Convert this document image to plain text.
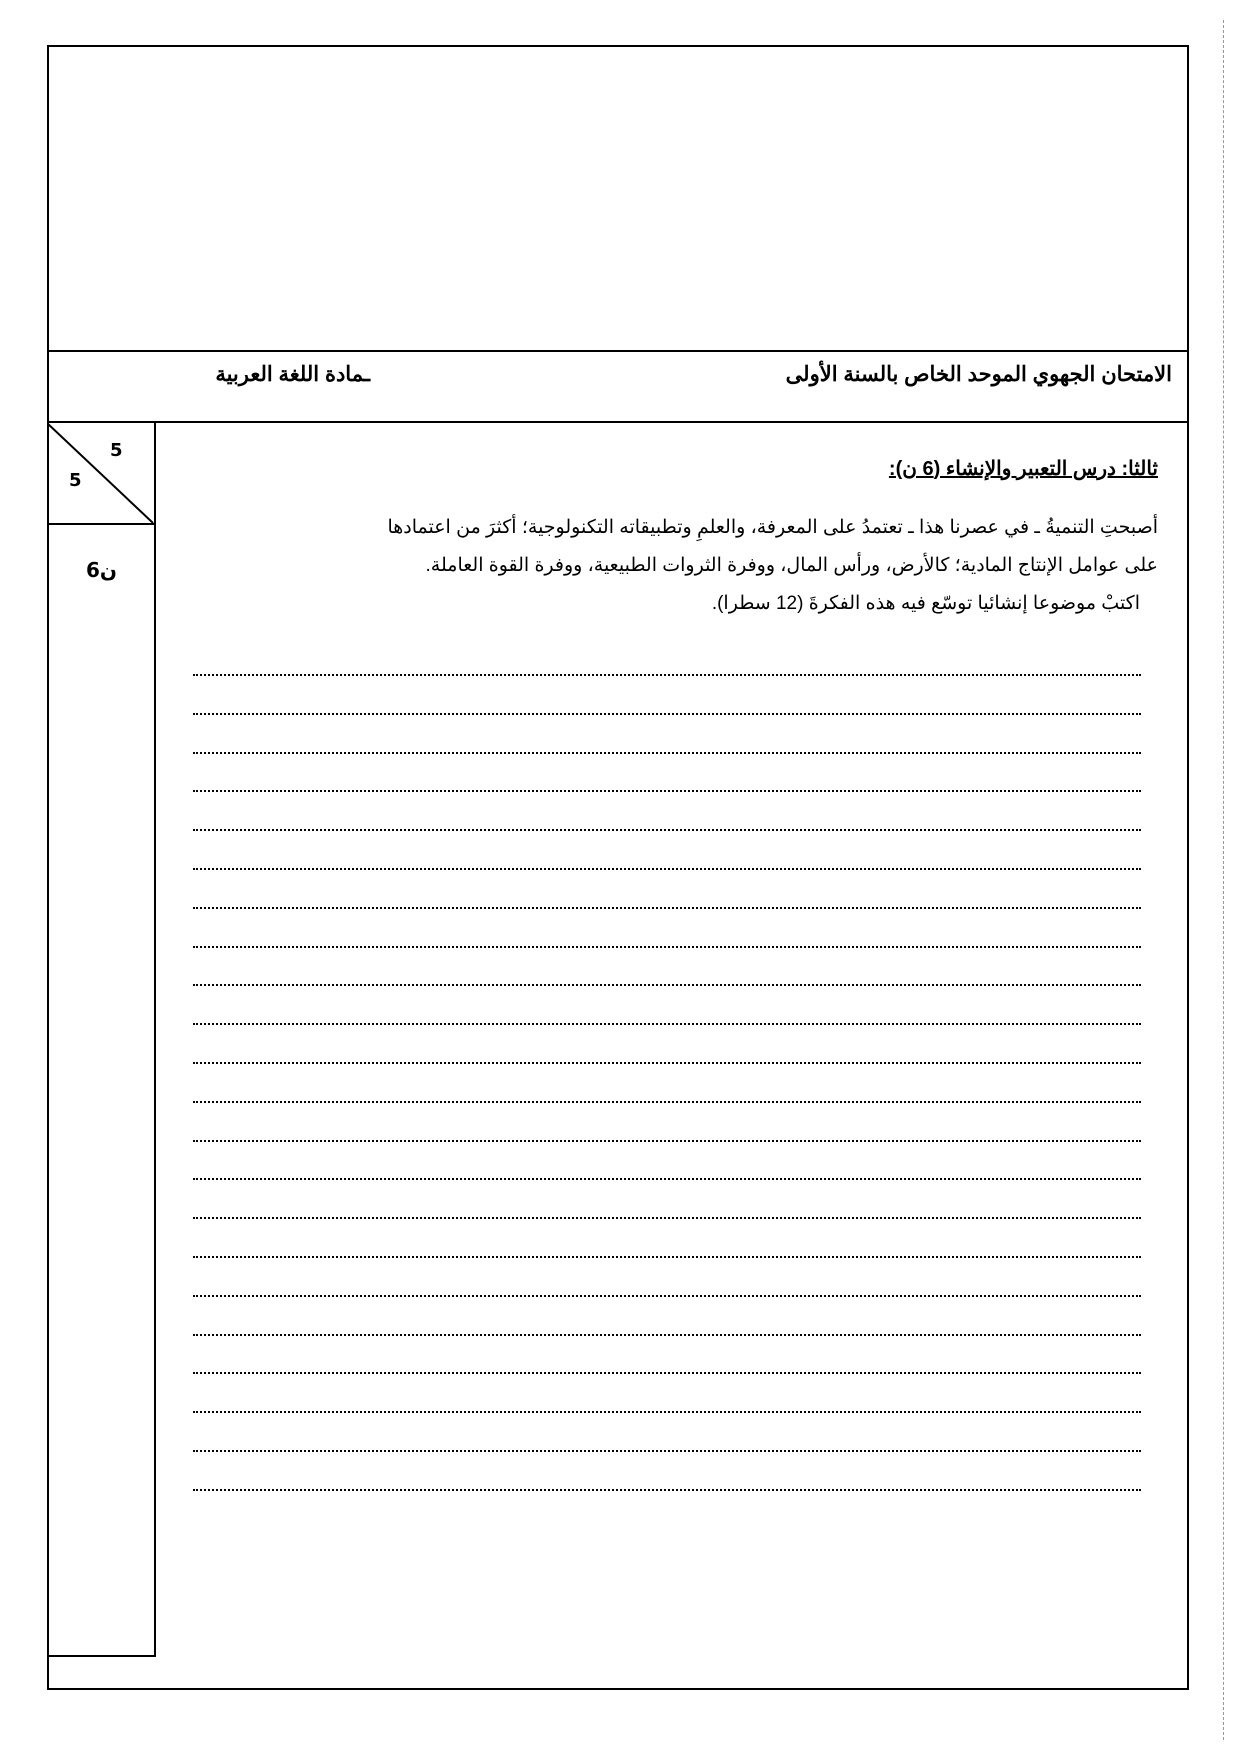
الامتحان الجهوي الموحد الخاص بالسنة الأولى
ـمادة اللغة العربية
5
5
6ن
ثالثا: درس التعبير والإنشاء (6 ن):
أصبحتِ التنميةُ ـ في عصرنا هذا ـ تعتمدُ على المعرفة، والعلمِ وتطبيقاته التكنولوجية؛ أكثرَ من اعتمادها
على عوامل الإنتاج المادية؛ كالأرض، ورأس المال، ووفرة الثروات الطبيعية، ووفرة القوة العاملة.
اكتبْ موضوعا إنشائيا توسّع فيه هذه الفكرةَ (12 سطرا).
